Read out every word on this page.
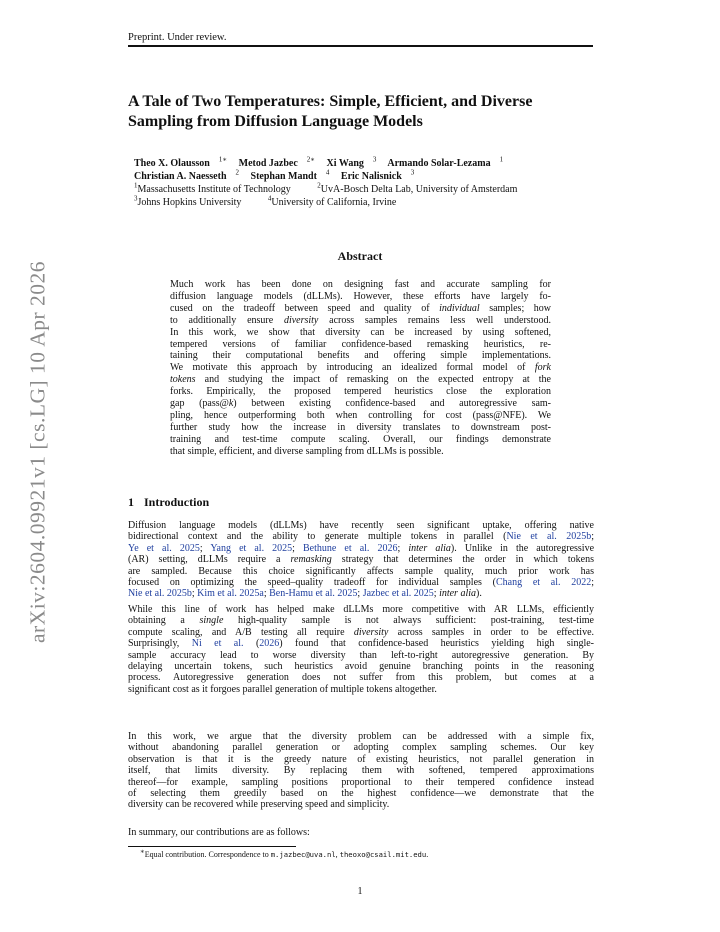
Preprint. Under review.
arXiv:2604.09921v1 [cs.LG] 10 Apr 2026
A Tale of Two Temperatures: Simple, Efficient, and Diverse
Sampling from Diffusion Language Models
Theo X. Olausson $^{1∗}$ Metod Jazbec $^{2∗}$ Xi Wang $^3$ Armando Solar-Lezama $^1$
Christian A. Naesseth $^2$ Stephan Mandt $^4$ Eric Nalisnick $^3$
$^1$Massachusetts Institute of Technology	$^2$UvA-Bosch Delta Lab, University of Amsterdam
$^3$Johns Hopkins University	$^4$University of California, Irvine
Abstract
Much work has been done on designing fast and accurate sampling for
diffusion language models (dLLMs). However, these efforts have largely fo-
cused on the tradeoff between speed and quality of individual samples; how
to additionally ensure diversity across samples remains less well understood.
In this work, we show that diversity can be increased by using softened,
tempered versions of familiar confidence-based remasking heuristics, re-
taining their computational benefits and offering simple implementations.
We motivate this approach by introducing an idealized formal model of fork
tokens and studying the impact of remasking on the expected entropy at the
forks. Empirically, the proposed tempered heuristics close the exploration
gap (pass@k) between existing confidence-based and autoregressive sam-
pling, hence outperforming both when controlling for cost (pass@NFE). We
further study how the increase in diversity translates to downstream post-
training and test-time compute scaling. Overall, our findings demonstrate
that simple, efficient, and diverse sampling from dLLMs is possible.
1 Introduction
Diffusion language models (dLLMs) have recently seen significant uptake, offering native
bidirectional context and the ability to generate multiple tokens in parallel (Nie et al. 2025b;
Ye et al. 2025; Yang et al. 2025; Bethune et al. 2026; inter alia). Unlike in the autoregressive
(AR) setting, dLLMs require a remasking strategy that determines the order in which tokens
are sampled. Because this choice significantly affects sample quality, much prior work has
focused on optimizing the speed–quality tradeoff for individual samples (Chang et al. 2022;
Nie et al. 2025b; Kim et al. 2025a; Ben-Hamu et al. 2025; Jazbec et al. 2025; inter alia).
While this line of work has helped make dLLMs more competitive with AR LLMs, efficiently
obtaining a single high-quality sample is not always sufficient: post-training, test-time
compute scaling, and A/B testing all require diversity across samples in order to be effective.
Surprisingly, Ni et al. (2026) found that confidence-based heuristics yielding high single-
sample accuracy lead to worse diversity than left-to-right autoregressive generation. By
delaying uncertain tokens, such heuristics avoid genuine branching points in the reasoning
process. Autoregressive generation does not suffer from this problem, but comes at a
significant cost as it forgoes parallel generation of multiple tokens altogether.
In this work, we argue that the diversity problem can be addressed with a simple fix,
without abandoning parallel generation or adopting complex sampling schemes. Our key
observation is that it is the greedy nature of existing heuristics, not parallel generation in
itself, that limits diversity. By replacing them with softened, tempered approximations
thereof—for example, sampling positions proportional to their tempered confidence instead
of selecting them greedily based on the highest confidence—we demonstrate that the
diversity can be recovered while preserving speed and simplicity.
In summary, our contributions are as follows:
∗Equal contribution. Correspondence to m.jazbec@uva.nl, theoxo@csail.mit.edu.
1
